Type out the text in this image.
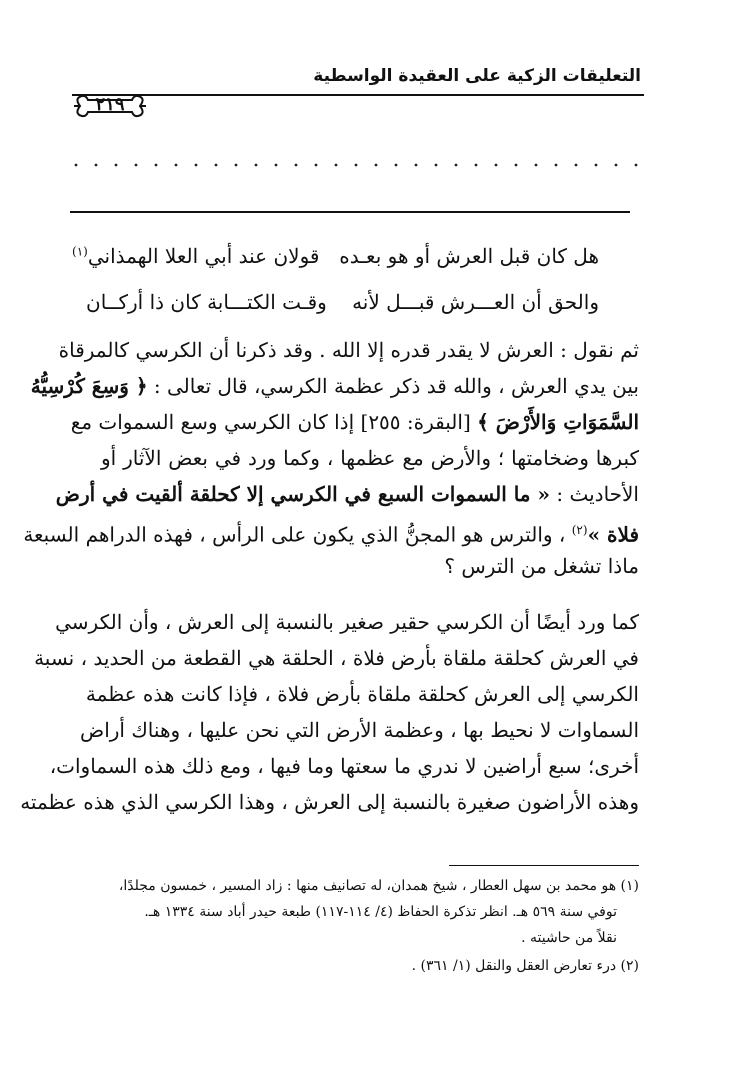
التعليقات الزكية على العقيدة الواسطية
٢١٩
هل كان قبل العرش أو هو بعـده
قولان عند أبي العلا الهمذاني$^{(١)}$
والحق أن العـــرش قبـــل لأنه
وقـت الكتـــابة كان ذا أركــان
ثم نقول : العرش لا يقدر قدره إلا الله . وقد ذكرنا أن الكرسي كالمرقاة
بين يدي العرش ، والله قد ذكر عظمة الكرسي، قال تعالى : ﴿ وَسِعَ كُرْسِيُّهُ
السَّمَوَاتِ وَالأَرْضَ ﴾ [البقرة: ٢٥٥] إذا كان الكرسي وسع السموات مع
كبرها وضخامتها ؛ والأرض مع عظمها ، وكما ورد في بعض الآثار أو
الأحاديث : « ما السموات السبع في الكرسي إلا كحلقة ألقيت في أرض
فلاة »$^{(٢)}$ ، والترس هو المجنُّ الذي يكون على الرأس ، فهذه الدراهم السبعة
ماذا تشغل من الترس ؟
كما ورد أيضًا أن الكرسي حقير صغير بالنسبة إلى العرش ، وأن الكرسي
في العرش كحلقة ملقاة بأرض فلاة ، الحلقة هي القطعة من الحديد ، نسبة
الكرسي إلى العرش كحلقة ملقاة بأرض فلاة ، فإذا كانت هذه عظمة
السماوات لا نحيط بها ، وعظمة الأرض التي نحن عليها ، وهناك أراض
أخرى؛ سبع أراضين لا ندري ما سعتها وما فيها ، ومع ذلك هذه السماوات،
وهذه الأراضون صغيرة بالنسبة إلى العرش ، وهذا الكرسي الذي هذه عظمته
(١) هو محمد بن سهل العطار ، شيخ همدان، له تصانيف منها : زاد المسير ، خمسون مجلدًا،
توفي سنة ٥٦٩ هـ. انظر تذكرة الحفاظ (٤/ ١١٤-١١٧) طبعة حيدر أباد سنة ١٣٣٤ هـ.
نقلاً من حاشيته .
(٢) درء تعارض العقل والنقل (١/ ٣٦١) .
